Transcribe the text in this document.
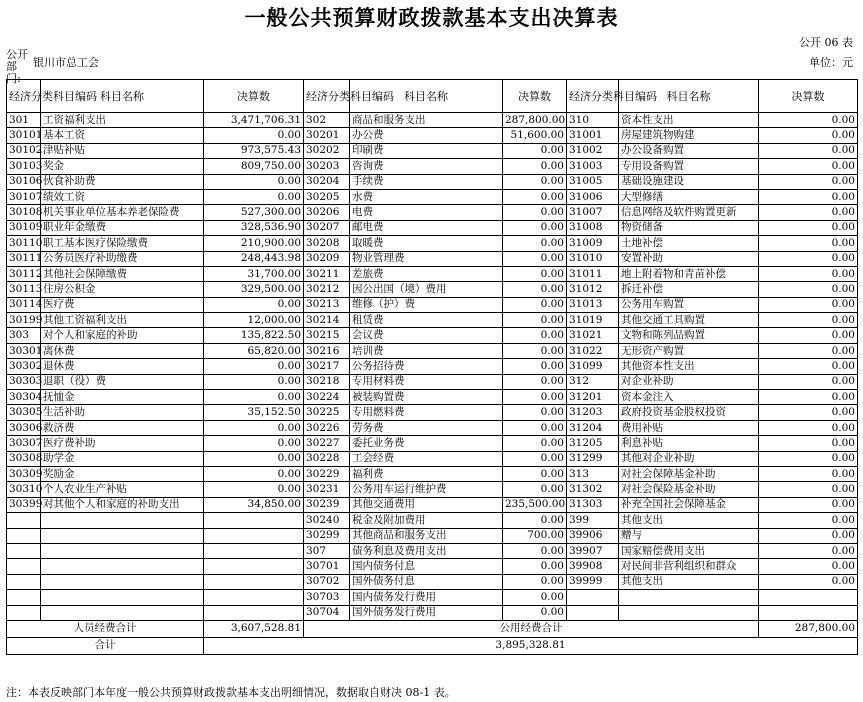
一般公共预算财政拨款基本支出决算表
公开 06 表
公开部门:
银川市总工会	单位：元
经济分类科目编码	科目名称	决算数	经济分类科目编码	科目名称	决算数	经济分类科目编码	科目名称	决算数
301	工资福利支出	3,471,706.31	302	商品和服务支出	287,800.00	310	资本性支出	0.00
30101	基本工资	0.00	30201	办公费	51,600.00	31001	房屋建筑物购建	0.00
30102	津贴补贴	973,575.43	30202	印刷费	0.00	31002	办公设备购置	0.00
30103	奖金	809,750.00	30203	咨询费	0.00	31003	专用设备购置	0.00
30106	伙食补助费	0.00	30204	手续费	0.00	31005	基础设施建设	0.00
30107	绩效工资	0.00	30205	水费	0.00	31006	大型修缮	0.00
30108	机关事业单位基本养老保险费	527,300.00	30206	电费	0.00	31007	信息网络及软件购置更新	0.00
30109	职业年金缴费	328,536.90	30207	邮电费	0.00	31008	物资储备	0.00
30110	职工基本医疗保险缴费	210,900.00	30208	取暖费	0.00	31009	土地补偿	0.00
30111	公务员医疗补助缴费	248,443.98	30209	物业管理费	0.00	31010	安置补助	0.00
30112	其他社会保障缴费	31,700.00	30211	差旅费	0.00	31011	地上附着物和青苗补偿	0.00
30113	住房公积金	329,500.00	30212	因公出国（境）费用	0.00	31012	拆迁补偿	0.00
30114	医疗费	0.00	30213	维修（护）费	0.00	31013	公务用车购置	0.00
30199	其他工资福利支出	12,000.00	30214	租赁费	0.00	31019	其他交通工具购置	0.00
303	对个人和家庭的补助	135,822.50	30215	会议费	0.00	31021	文物和陈列品购置	0.00
30301	离休费	65,820.00	30216	培训费	0.00	31022	无形资产购置	0.00
30302	退休费	0.00	30217	公务招待费	0.00	31099	其他资本性支出	0.00
30303	退职（役）费	0.00	30218	专用材料费	0.00	312	对企业补助	0.00
30304	抚恤金	0.00	30224	被装购置费	0.00	31201	资本金注入	0.00
30305	生活补助	35,152.50	30225	专用燃料费	0.00	31203	政府投资基金股权投资	0.00
30306	救济费	0.00	30226	劳务费	0.00	31204	费用补贴	0.00
30307	医疗费补助	0.00	30227	委托业务费	0.00	31205	利息补贴	0.00
30308	助学金	0.00	30228	工会经费	0.00	31299	其他对企业补助	0.00
30309	奖励金	0.00	30229	福利费	0.00	313	对社会保障基金补助	0.00
30310	个人农业生产补贴	0.00	30231	公务用车运行维护费	0.00	31302	对社会保险基金补助	0.00
30399	对其他个人和家庭的补助支出	34,850.00	30239	其他交通费用	235,500.00	31303	补充全国社会保障基金	0.00
			30240	税金及附加费用	0.00	399	其他支出	0.00
			30299	其他商品和服务支出	700.00	39906	赠与	0.00
			307	债务利息及费用支出	0.00	39907	国家赔偿费用支出	0.00
			30701	国内债务付息	0.00	39908	对民间非营利组织和群众	0.00
			30702	国外债务付息	0.00	39999	其他支出	0.00
			30703	国内债务发行费用	0.00			
			30704	国外债务发行费用	0.00			
人员经费合计		3,607,528.81	公用经费合计					287,800.00
合计		3,895,328.81						
注：本表反映部门本年度一般公共预算财政拨款基本支出明细情况，数据取自财决 08-1 表。
